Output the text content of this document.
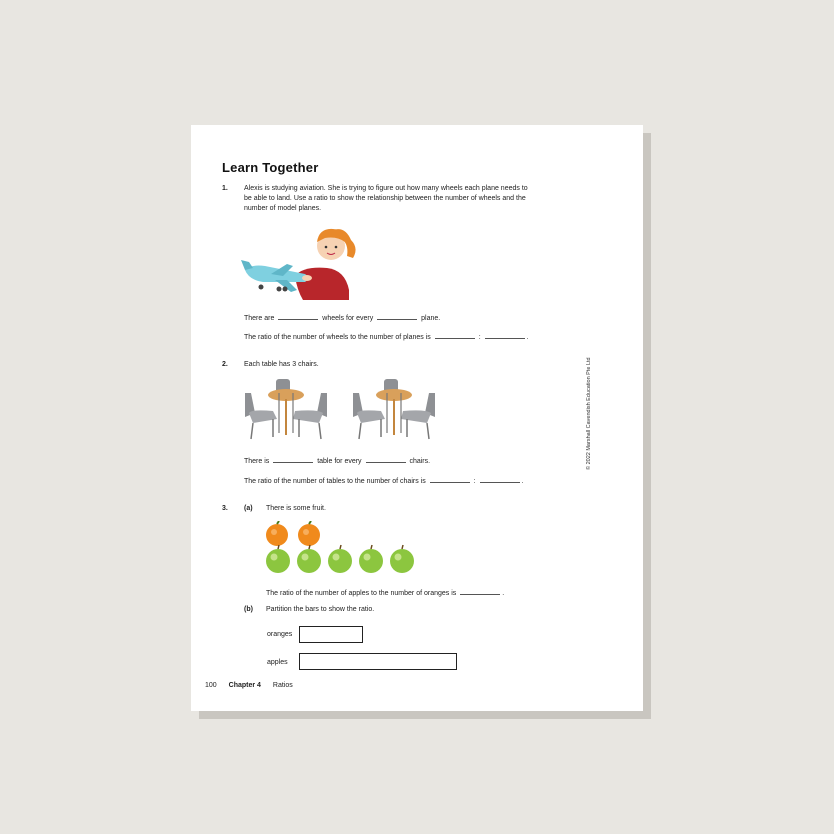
Learn Together
1. Alexis is studying aviation. She is trying to figure out how many wheels each plane needs to
be able to land. Use a ratio to show the relationship between the number of wheels and the
number of model planes.
There are	wheels for every	plane.
The ratio of the number of wheels to the number of planes is	:	.
2. Each table has 3 chairs.
There is	table for every	chairs.
The ratio of the number of tables to the number of chairs is	:	.
3. (a) There is some fruit.
The ratio of the number of apples to the number of oranges is	.
(b) Partition the bars to show the ratio.
oranges
apples
© 2022 Marshall Cavendish Education Pte Ltd
100 Chapter 4 Ratios
